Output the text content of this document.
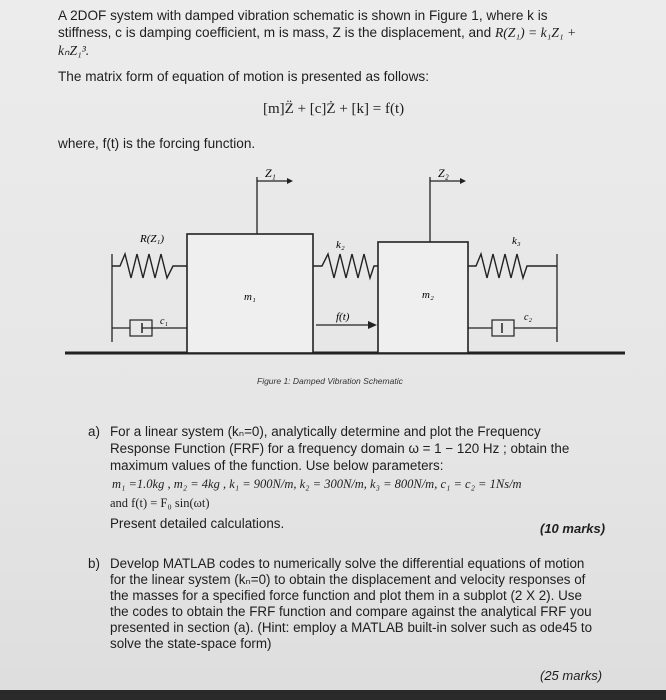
A 2DOF system with damped vibration schematic is shown in Figure 1, where k is
stiffness, c is damping coefficient, m is mass, Z is the displacement, and R(Z₁) = k₁Z₁ +
kₙZ₁³.
The matrix form of equation of motion is presented as follows:
[m]Z̈ + [c]Ż + [k] = f(t)
where, f(t) is the forcing function.
Z₁	Z₂
m₁	m₂
R(Z₁)
c₁
k₂
f(t)
k₃
c₂
Figure 1: Damped Vibration Schematic
a) For a linear system (kₙ=0), analytically determine and plot the Frequency
Response Function (FRF) for a frequency domain ω = 1 − 120 Hz ; obtain the
maximum values of the function. Use below parameters:
m₁ =1.0kg , m₂ = 4kg , k₁ = 900N/m, k₂ = 300N/m, k₃ = 800N/m, c₁ = c₂ = 1Ns/m
and f(t) = F₀ sin(ωt)
Present detailed calculations.	(10 marks)
b) Develop MATLAB codes to numerically solve the differential equations of motion
for the linear system (kₙ=0) to obtain the displacement and velocity responses of
the masses for a specified force function and plot them in a subplot (2 X 2). Use
the codes to obtain the FRF function and compare against the analytical FRF you
presented in section (a). (Hint: employ a MATLAB built-in solver such as ode45 to
solve the state-space form)
(25 marks)
